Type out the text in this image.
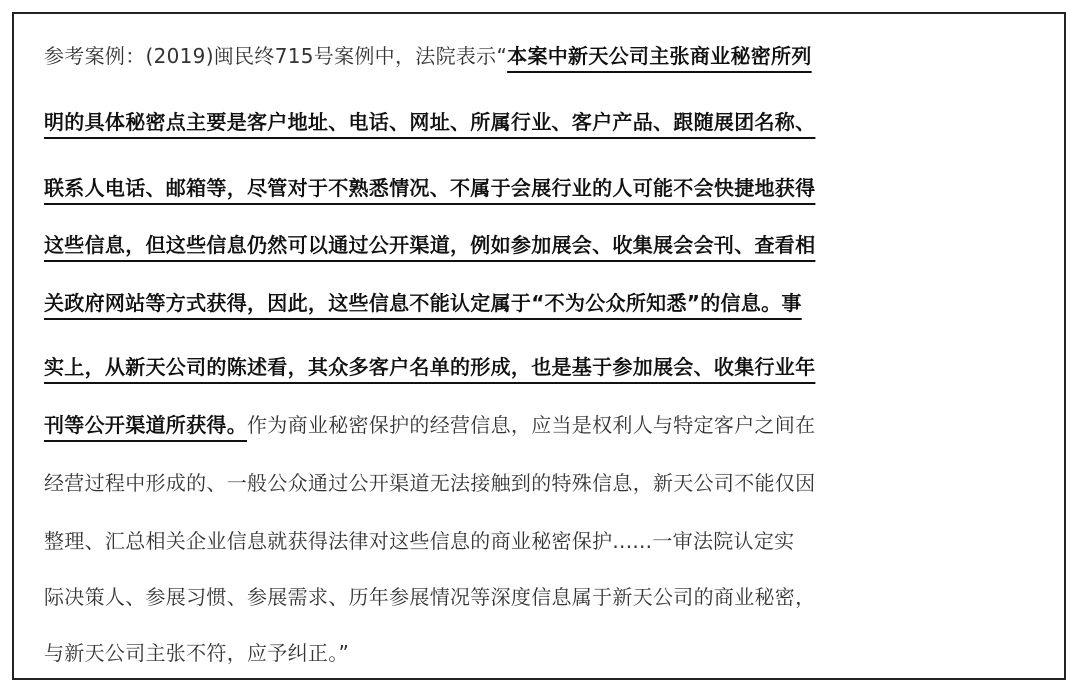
参考案例：(2019)闽民终715号案例中，法院表示“本案中新天公司主张商业秘密所列
明的具体秘密点主要是客户地址、电话、网址、所属行业、客户产品、跟随展团名称、
联系人电话、邮箱等，尽管对于不熟悉情况、不属于会展行业的人可能不会快捷地获得
这些信息，但这些信息仍然可以通过公开渠道，例如参加展会、收集展会会刊、查看相
关政府网站等方式获得，因此，这些信息不能认定属于“不为公众所知悉”的信息。事
实上，从新天公司的陈述看，其众多客户名单的形成，也是基于参加展会、收集行业年
刊等公开渠道所获得。作为商业秘密保护的经营信息，应当是权利人与特定客户之间在
经营过程中形成的、一般公众通过公开渠道无法接触到的特殊信息，新天公司不能仅因
整理、汇总相关企业信息就获得法律对这些信息的商业秘密保护......一审法院认定实
际决策人、参展习惯、参展需求、历年参展情况等深度信息属于新天公司的商业秘密，
与新天公司主张不符，应予纠正。”
